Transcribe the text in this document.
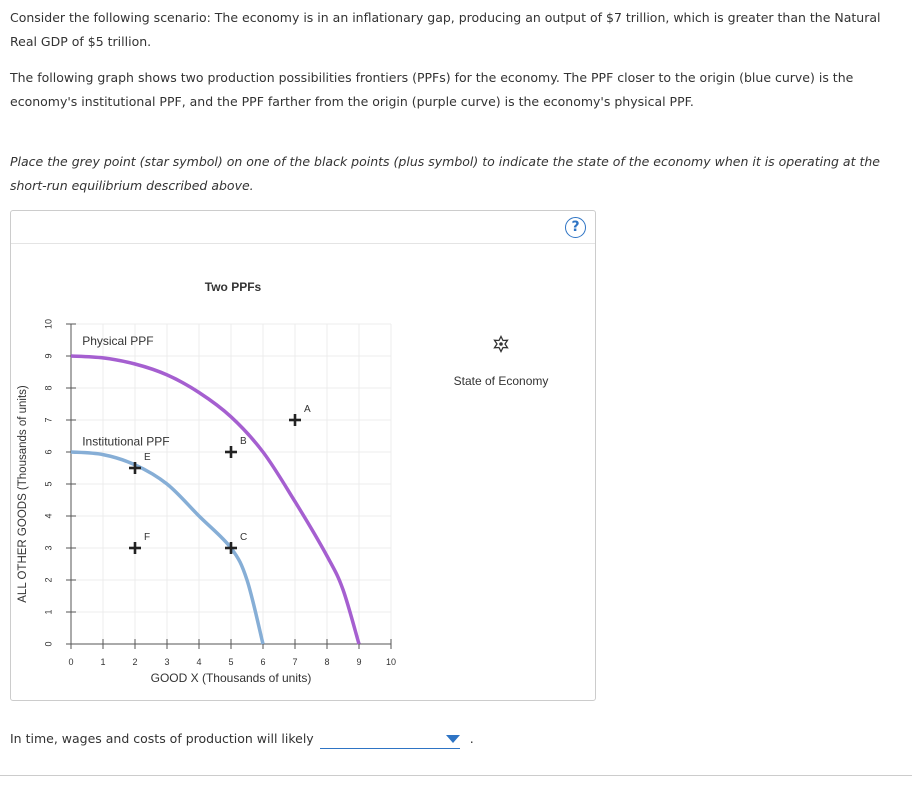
Consider the following scenario: The economy is in an inflationary gap, producing an output of $7 trillion, which is greater than the Natural Real GDP of $5 trillion.

The following graph shows two production possibilities frontiers (PPFs) for the economy. The PPF closer to the origin (blue curve) is the economy's institutional PPF, and the PPF farther from the origin (purple curve) is the economy's physical PPF.

Place the grey point (star symbol) on one of the black points (plus symbol) to indicate the state of the economy when it is operating at the short-run equilibrium described above.

?
Two PPFs
0	1	2	3	4	5	6	7	8	9	10
0
1
2
3
4
5
6
7
8
9
10
Physical PPF
Institutional PPF
A
B
E
F	C
GOOD X (Thousands of units)
ALL OTHER GOODS (Thousands of units)
State of Economy
In time, wages and costs of production will likely	.
